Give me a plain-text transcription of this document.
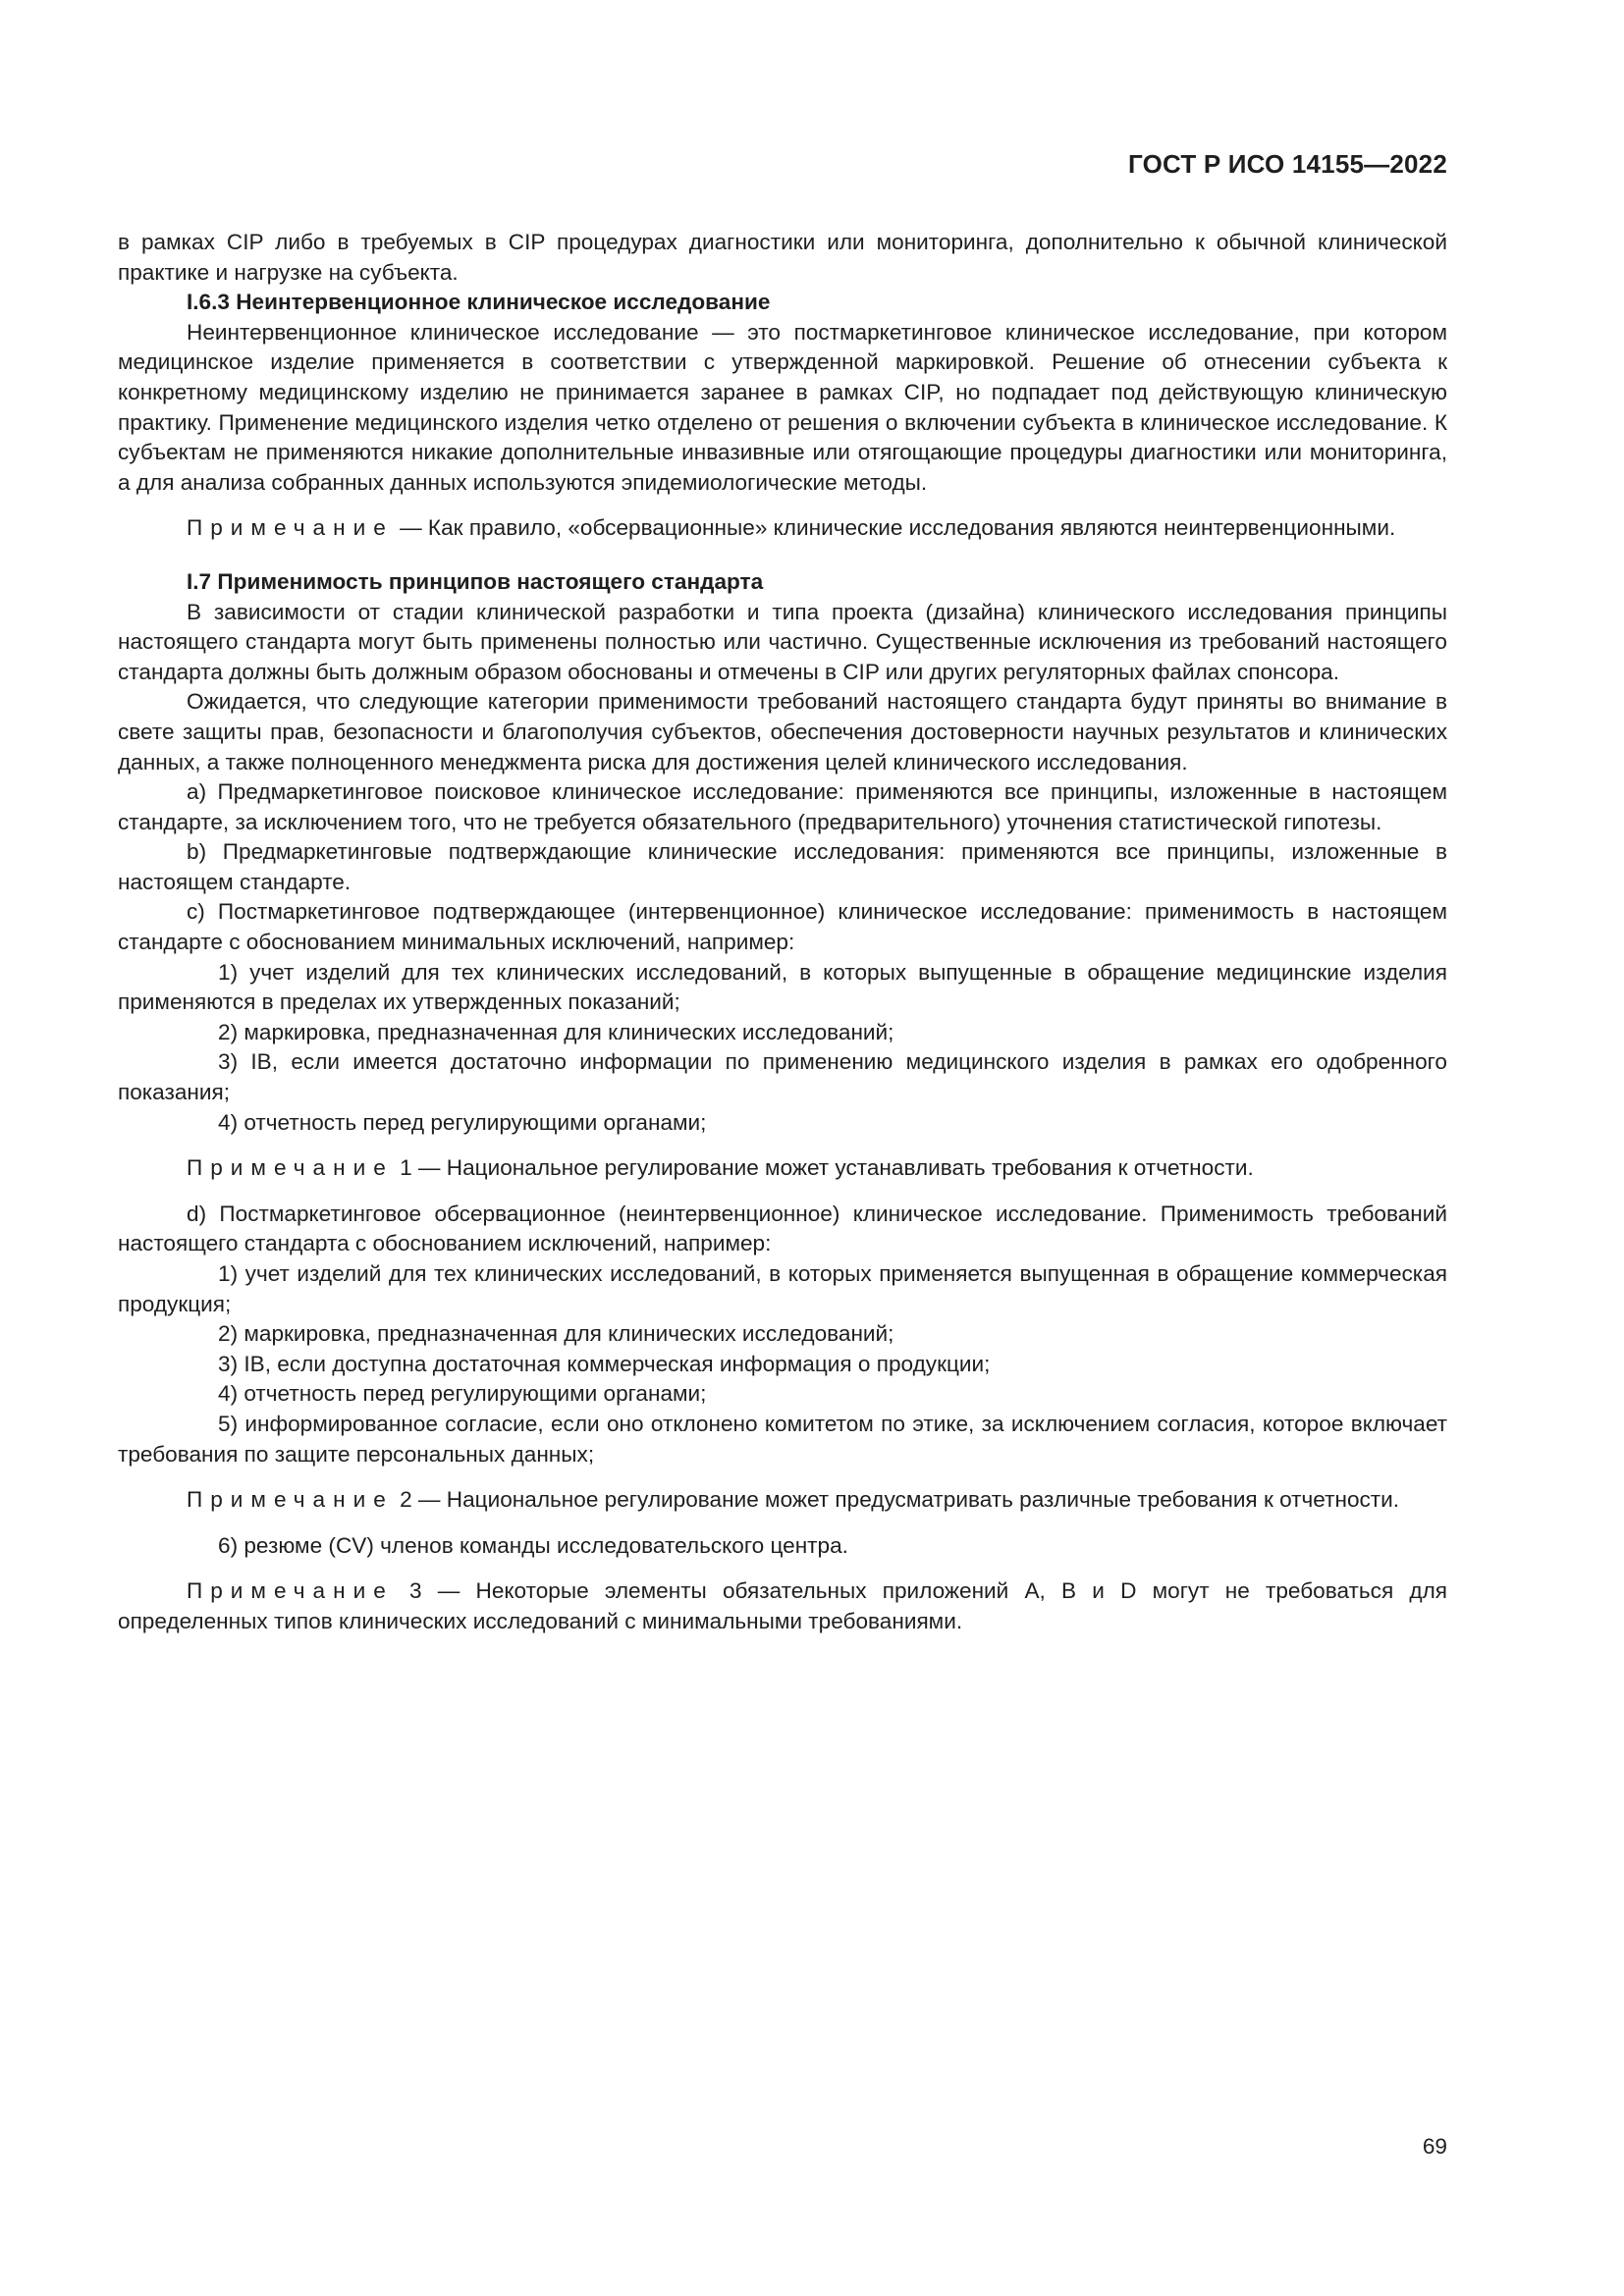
ГОСТ Р ИСО 14155—2022

в рамках CIP либо в требуемых в CIP процедурах диагностики или мониторинга, дополнительно к обычной клинической практике и нагрузке на субъекта.

I.6.3 Неинтервенционное клиническое исследование

Неинтервенционное клиническое исследование — это постмаркетинговое клиническое исследование, при котором медицинское изделие применяется в соответствии с утвержденной маркировкой. Решение об отнесении субъекта к конкретному медицинскому изделию не принимается заранее в рамках CIP, но подпадает под действующую клиническую практику. Применение медицинского изделия четко отделено от решения о включении субъекта в клиническое исследование. К субъектам не применяются никакие дополнительные инвазивные или отягощающие процедуры диагностики или мониторинга, а для анализа собранных данных используются эпидемиологические методы.

Примечание — Как правило, «обсервационные» клинические исследования являются неинтервенционными.

I.7 Применимость принципов настоящего стандарта

В зависимости от стадии клинической разработки и типа проекта (дизайна) клинического исследования принципы настоящего стандарта могут быть применены полностью или частично. Существенные исключения из требований настоящего стандарта должны быть должным образом обоснованы и отмечены в CIP или других регуляторных файлах спонсора.

Ожидается, что следующие категории применимости требований настоящего стандарта будут приняты во внимание в свете защиты прав, безопасности и благополучия субъектов, обеспечения достоверности научных результатов и клинических данных, а также полноценного менеджмента риска для достижения целей клинического исследования.

а) Предмаркетинговое поисковое клиническое исследование: применяются все принципы, изложенные в настоящем стандарте, за исключением того, что не требуется обязательного (предварительного) уточнения статистической гипотезы.

b) Предмаркетинговые подтверждающие клинические исследования: применяются все принципы, изложенные в настоящем стандарте.

c) Постмаркетинговое подтверждающее (интервенционное) клиническое исследование: применимость в настоящем стандарте с обоснованием минимальных исключений, например:

1) учет изделий для тех клинических исследований, в которых выпущенные в обращение медицинские изделия применяются в пределах их утвержденных показаний;

2) маркировка, предназначенная для клинических исследований;

3) IB, если имеется достаточно информации по применению медицинского изделия в рамках его одобренного показания;

4) отчетность перед регулирующими органами;

Примечание 1 — Национальное регулирование может устанавливать требования к отчетности.

d) Постмаркетинговое обсервационное (неинтервенционное) клиническое исследование. Применимость требований настоящего стандарта с обоснованием исключений, например:

1) учет изделий для тех клинических исследований, в которых применяется выпущенная в обращение коммерческая продукция;

2) маркировка, предназначенная для клинических исследований;

3) IB, если доступна достаточная коммерческая информация о продукции;

4) отчетность перед регулирующими органами;

5) информированное согласие, если оно отклонено комитетом по этике, за исключением согласия, которое включает требования по защите персональных данных;

Примечание 2 — Национальное регулирование может предусматривать различные требования к отчетности.

6) резюме (CV) членов команды исследовательского центра.

Примечание 3 — Некоторые элементы обязательных приложений A, B и D могут не требоваться для определенных типов клинических исследований с минимальными требованиями.

69
